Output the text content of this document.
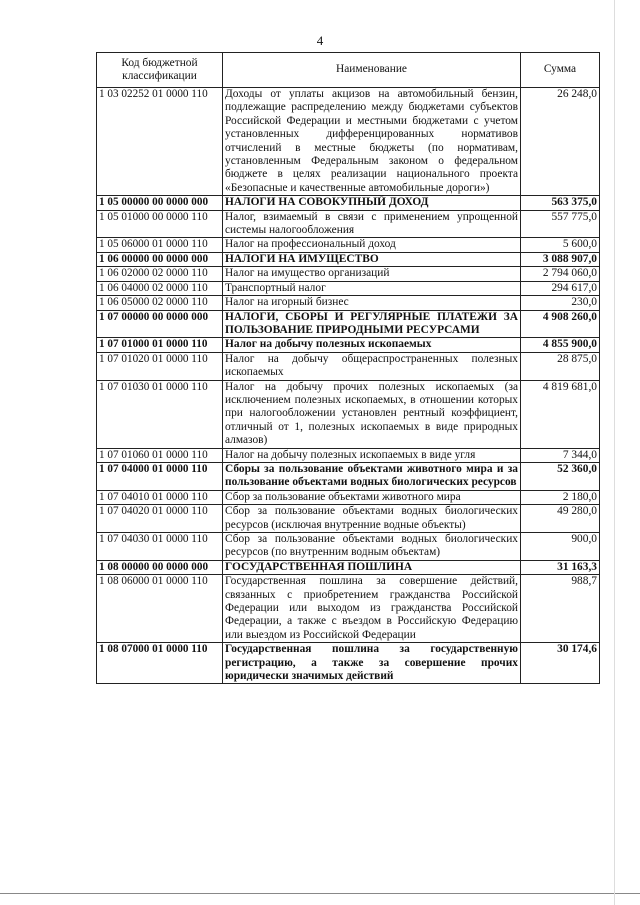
4
Код бюджетной классификации	Наименование	Сумма
1 03 02252 01 0000 110	Доходы от уплаты акцизов на автомобильный бензин, подлежащие распределению между бюджетами субъектов Российской Федерации и местными бюджетами с учетом установленных дифференцированных нормативов отчислений в местные бюджеты (по нормативам, установленным Федеральным законом о федеральном бюджете в целях реализации национального проекта «Безопасные и качественные автомобильные дороги»)	26 248,0
1 05 00000 00 0000 000	НАЛОГИ НА СОВОКУПНЫЙ ДОХОД	563 375,0
1 05 01000 00 0000 110	Налог, взимаемый в связи с применением упрощенной системы налогообложения	557 775,0
1 05 06000 01 0000 110	Налог на профессиональный доход	5 600,0
1 06 00000 00 0000 000	НАЛОГИ НА ИМУЩЕСТВО	3 088 907,0
1 06 02000 02 0000 110	Налог на имущество организаций	2 794 060,0
1 06 04000 02 0000 110	Транспортный налог	294 617,0
1 06 05000 02 0000 110	Налог на игорный бизнес	230,0
1 07 00000 00 0000 000	НАЛОГИ, СБОРЫ И РЕГУЛЯРНЫЕ ПЛАТЕЖИ ЗА ПОЛЬЗОВАНИЕ ПРИРОДНЫМИ РЕСУРСАМИ	4 908 260,0
1 07 01000 01 0000 110	Налог на добычу полезных ископаемых	4 855 900,0
1 07 01020 01 0000 110	Налог на добычу общераспространенных полезных ископаемых	28 875,0
1 07 01030 01 0000 110	Налог на добычу прочих полезных ископаемых (за исключением полезных ископаемых, в отношении которых при налогообложении установлен рентный коэффициент, отличный от 1, полезных ископаемых в виде природных алмазов)	4 819 681,0
1 07 01060 01 0000 110	Налог на добычу полезных ископаемых в виде угля	7 344,0
1 07 04000 01 0000 110	Сборы за пользование объектами животного мира и за пользование объектами водных биологических ресурсов	52 360,0
1 07 04010 01 0000 110	Сбор за пользование объектами животного мира	2 180,0
1 07 04020 01 0000 110	Сбор за пользование объектами водных биологических ресурсов (исключая внутренние водные объекты)	49 280,0
1 07 04030 01 0000 110	Сбор за пользование объектами водных биологических ресурсов (по внутренним водным объектам)	900,0
1 08 00000 00 0000 000	ГОСУДАРСТВЕННАЯ ПОШЛИНА	31 163,3
1 08 06000 01 0000 110	Государственная пошлина за совершение действий, связанных с приобретением гражданства Российской Федерации или выходом из гражданства Российской Федерации, а также с въездом в Российскую Федерацию или выездом из Российской Федерации	988,7
1 08 07000 01 0000 110	Государственная пошлина за государственную регистрацию, а также за совершение прочих юридически значимых действий	30 174,6
